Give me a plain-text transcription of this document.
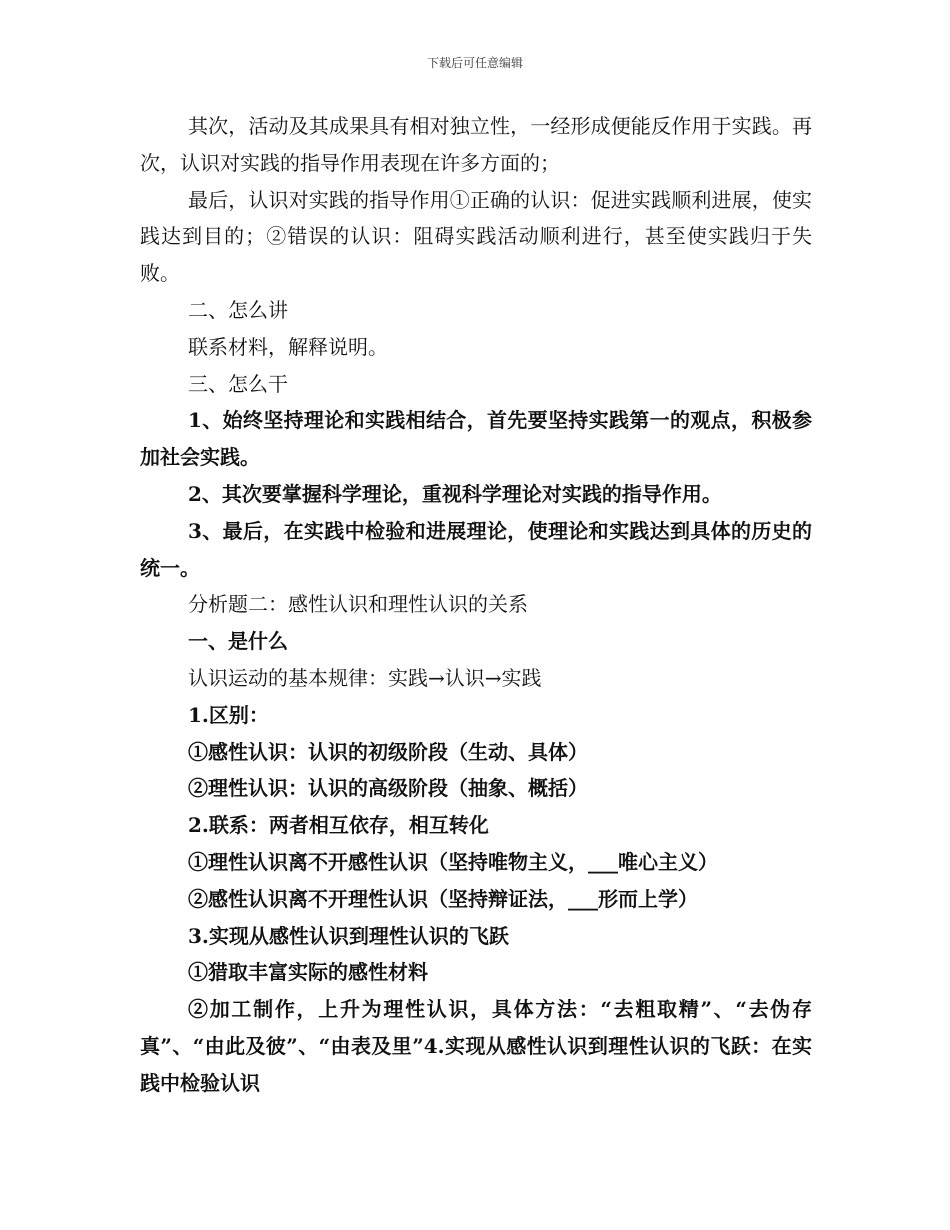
下载后可任意编辑

其次，活动及其成果具有相对独立性，一经形成便能反作用于实践。再次，认识对实践的指导作用表现在许多方面的；

最后，认识对实践的指导作用①正确的认识：促进实践顺利进展，使实践达到目的；②错误的认识：阻碍实践活动顺利进行，甚至使实践归于失败。

二、怎么讲

联系材料，解释说明。

三、怎么干

1、始终坚持理论和实践相结合，首先要坚持实践第一的观点，积极参加社会实践。

2、其次要掌握科学理论，重视科学理论对实践的指导作用。

3、最后，在实践中检验和进展理论，使理论和实践达到具体的历史的统一。

分析题二：感性认识和理性认识的关系

一、是什么

认识运动的基本规律：实践→认识→实践

1.区别：

①感性认识：认识的初级阶段（生动、具体）

②理性认识：认识的高级阶段（抽象、概括）

2.联系：两者相互依存，相互转化

①理性认识离不开感性认识（坚持唯物主义，___唯心主义）

②感性认识离不开理性认识（坚持辩证法，___形而上学）

3.实现从感性认识到理性认识的飞跃

①猎取丰富实际的感性材料

②加工制作，上升为理性认识，具体方法：“去粗取精”、“去伪存真”、“由此及彼”、“由表及里”4.实现从感性认识到理性认识的飞跃：在实践中检验认识
